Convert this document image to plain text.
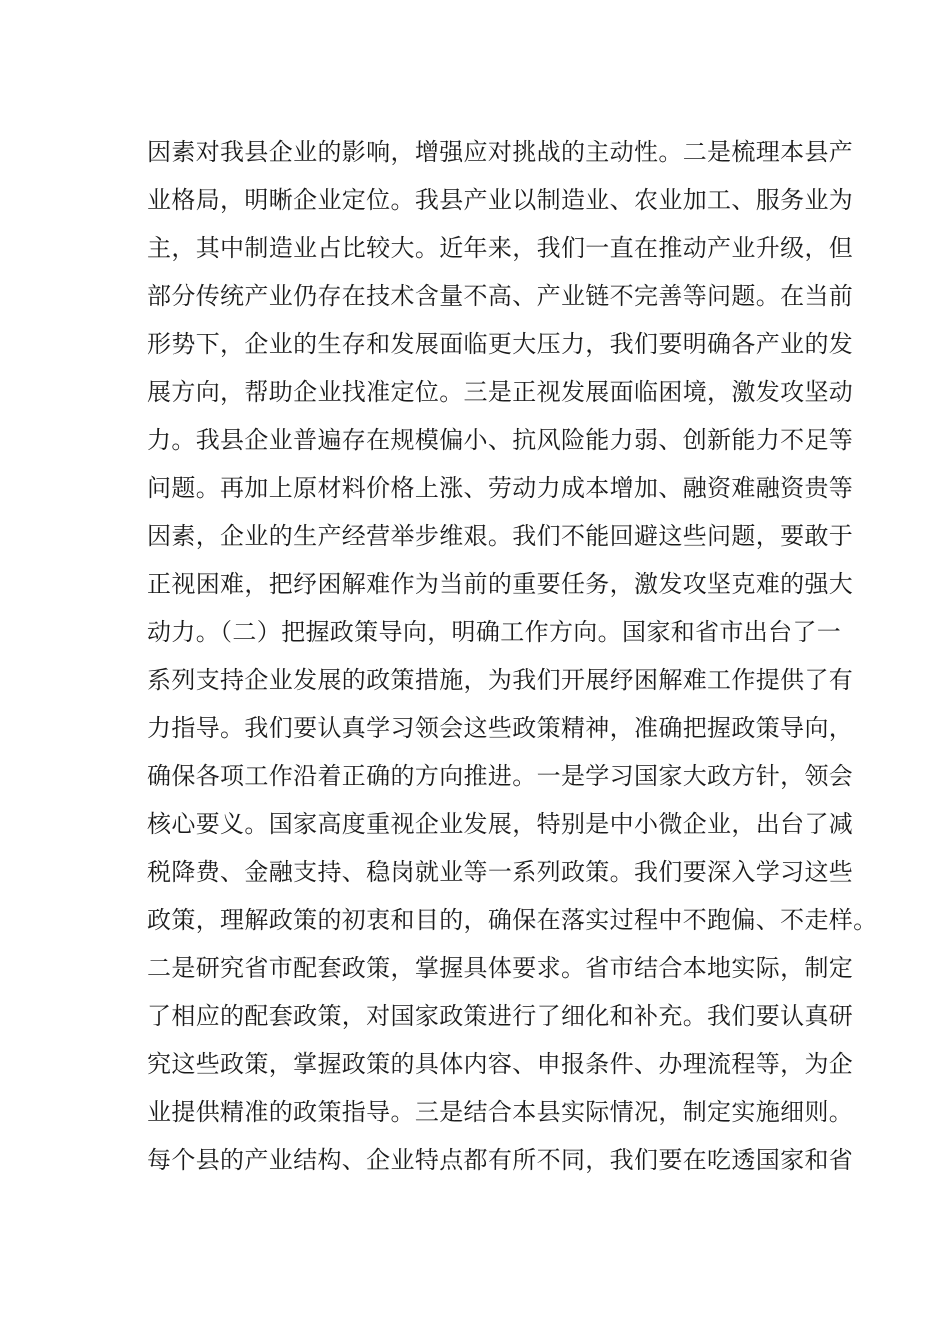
因素对我县企业的影响，增强应对挑战的主动性。二是梳理本县产
业格局，明晰企业定位。我县产业以制造业、农业加工、服务业为
主，其中制造业占比较大。近年来，我们一直在推动产业升级，但
部分传统产业仍存在技术含量不高、产业链不完善等问题。在当前
形势下，企业的生存和发展面临更大压力，我们要明确各产业的发
展方向，帮助企业找准定位。三是正视发展面临困境，激发攻坚动
力。我县企业普遍存在规模偏小、抗风险能力弱、创新能力不足等
问题。再加上原材料价格上涨、劳动力成本增加、融资难融资贵等
因素，企业的生产经营举步维艰。我们不能回避这些问题，要敢于
正视困难，把纾困解难作为当前的重要任务，激发攻坚克难的强大
动力。（二）把握政策导向，明确工作方向。国家和省市出台了一
系列支持企业发展的政策措施，为我们开展纾困解难工作提供了有
力指导。我们要认真学习领会这些政策精神，准确把握政策导向，
确保各项工作沿着正确的方向推进。一是学习国家大政方针，领会
核心要义。国家高度重视企业发展，特别是中小微企业，出台了减
税降费、金融支持、稳岗就业等一系列政策。我们要深入学习这些
政策，理解政策的初衷和目的，确保在落实过程中不跑偏、不走样。
二是研究省市配套政策，掌握具体要求。省市结合本地实际，制定
了相应的配套政策，对国家政策进行了细化和补充。我们要认真研
究这些政策，掌握政策的具体内容、申报条件、办理流程等，为企
业提供精准的政策指导。三是结合本县实际情况，制定实施细则。
每个县的产业结构、企业特点都有所不同，我们要在吃透国家和省
